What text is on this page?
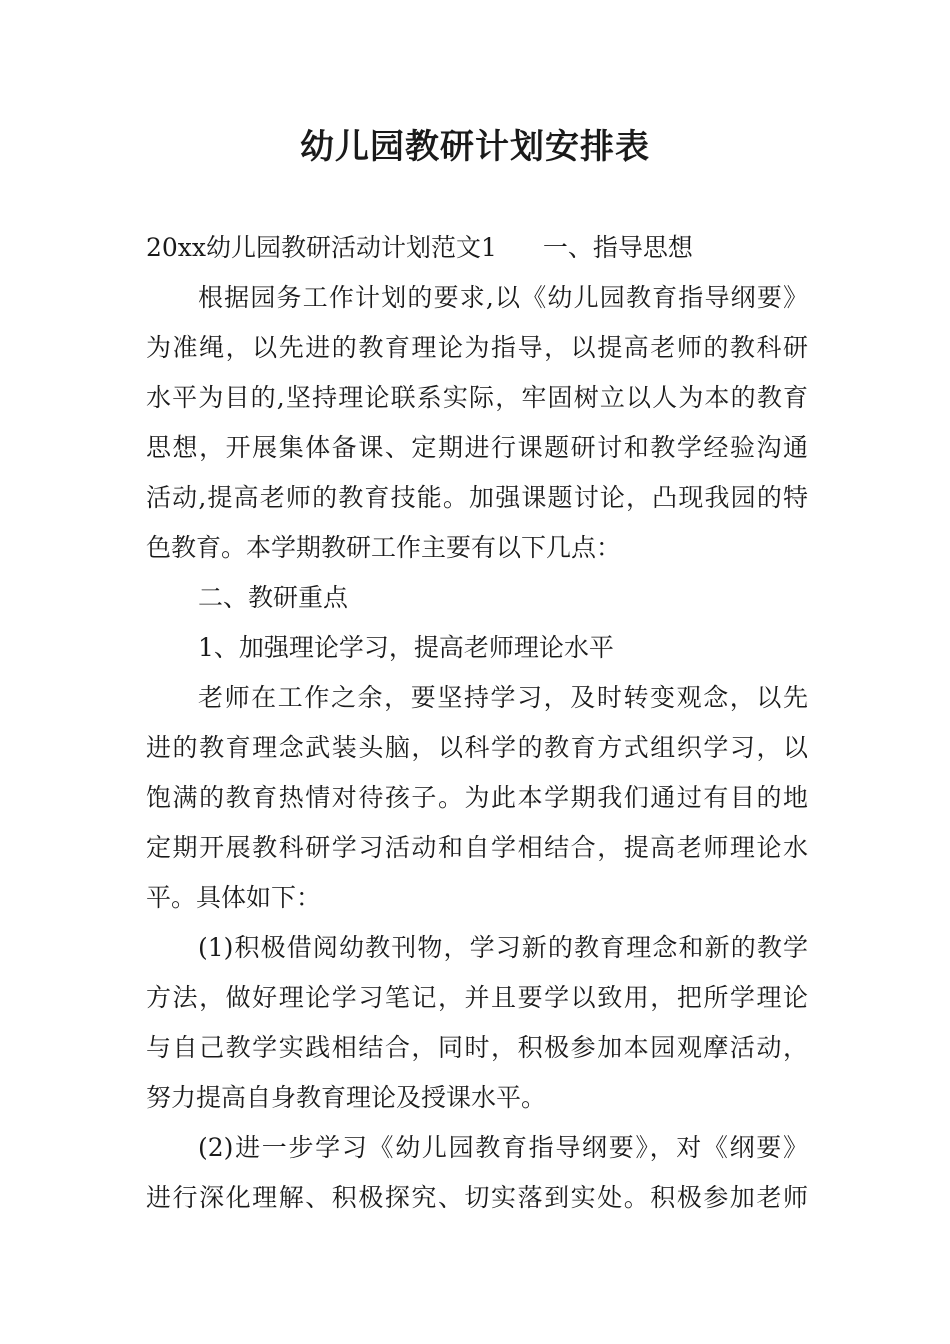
幼儿园教研计划安排表
20xx幼儿园教研活动计划范文1 一、指导思想
根据园务工作计划的要求,以《幼儿园教育指导纲要》
为准绳，以先进的教育理论为指导，以提高老师的教科研
水平为目的,坚持理论联系实际，牢固树立以人为本的教育
思想，开展集体备课、定期进行课题研讨和教学经验沟通
活动,提高老师的教育技能。加强课题讨论，凸现我园的特
色教育。本学期教研工作主要有以下几点：
二、教研重点
1、加强理论学习，提高老师理论水平
老师在工作之余，要坚持学习，及时转变观念，以先
进的教育理念武装头脑，以科学的教育方式组织学习，以
饱满的教育热情对待孩子。为此本学期我们通过有目的地
定期开展教科研学习活动和自学相结合，提高老师理论水
平。具体如下：
(1)积极借阅幼教刊物，学习新的教育理念和新的教学
方法，做好理论学习笔记，并且要学以致用，把所学理论
与自己教学实践相结合，同时，积极参加本园观摩活动，
努力提高自身教育理论及授课水平。
(2)进一步学习《幼儿园教育指导纲要》，对《纲要》
进行深化理解、积极探究、切实落到实处。积极参加老师
